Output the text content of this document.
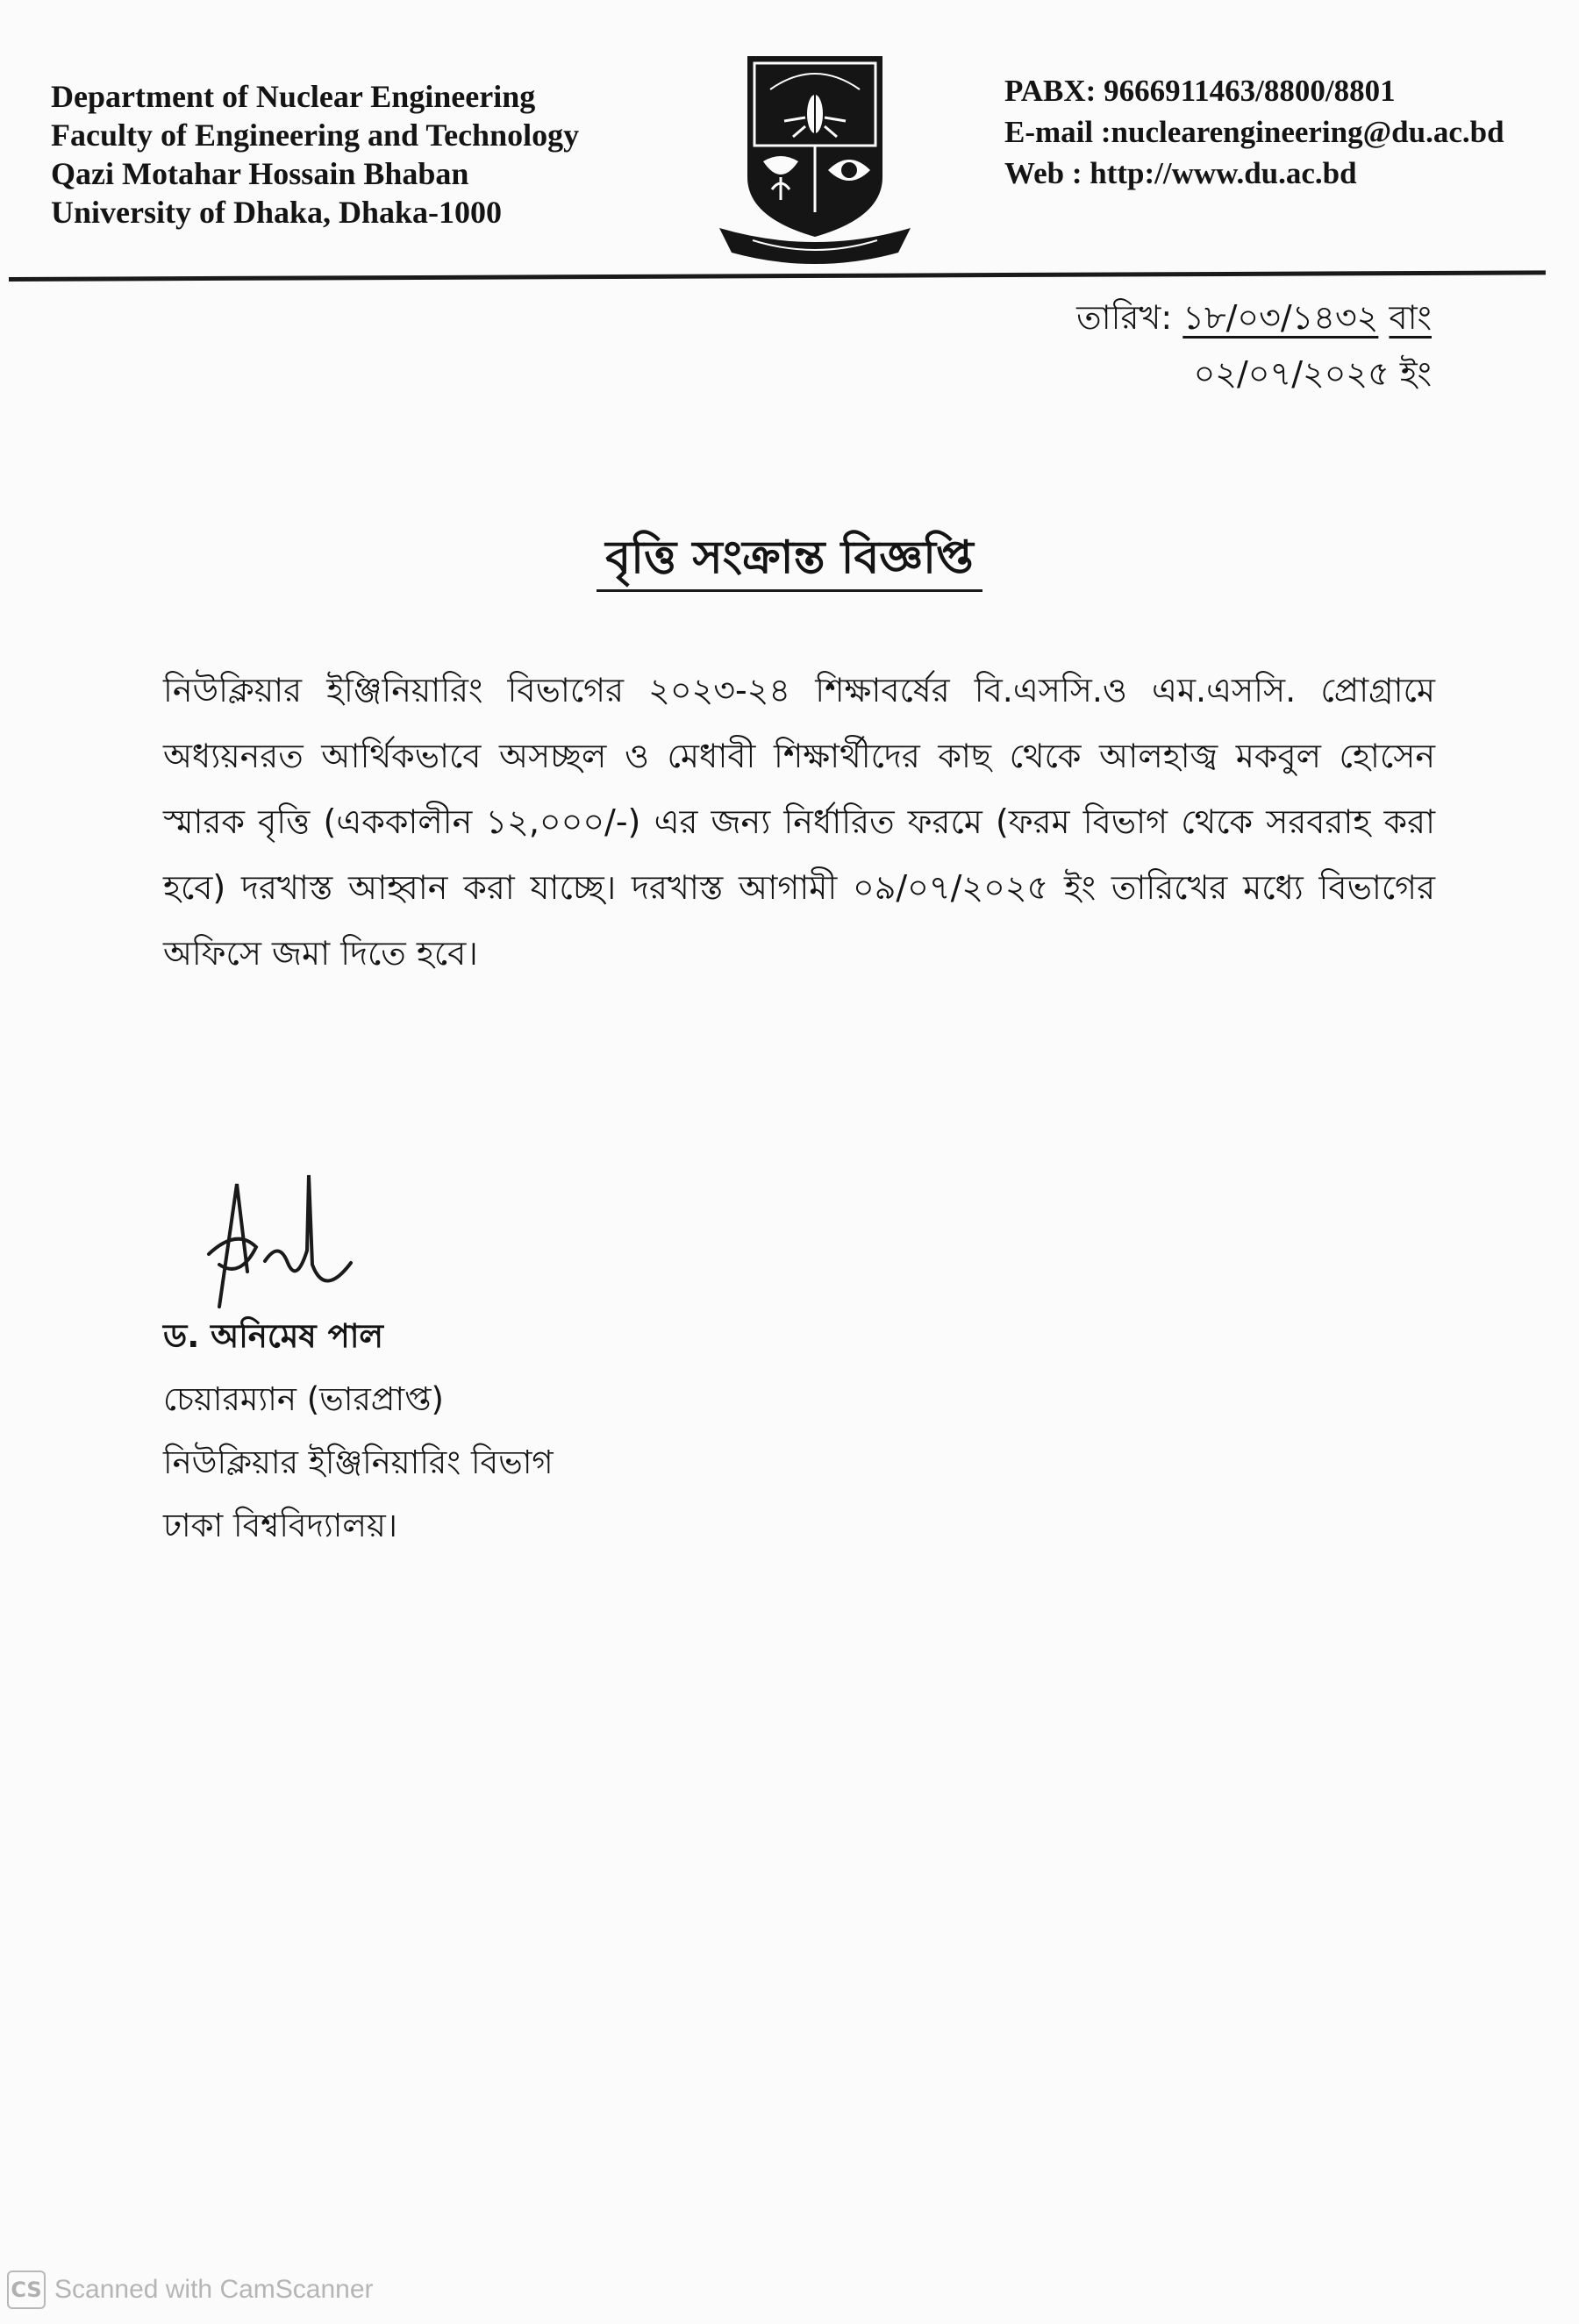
Department of Nuclear Engineering
Faculty of Engineering and Technology
Qazi Motahar Hossain Bhaban
University of Dhaka, Dhaka-1000
PABX: 9666911463/8800/8801
E-mail :nuclearengineering@du.ac.bd
Web : http://www.du.ac.bd
তারিখ: ১৮/০৩/১৪৩২ বাং
০২/০৭/২০২৫ ইং
বৃত্তি সংক্রান্ত বিজ্ঞপ্তি
নিউক্লিয়ার ইঞ্জিনিয়ারিং বিভাগের ২০২৩-২৪ শিক্ষাবর্ষের বি.এসসি.ও এম.এসসি. প্রোগ্রামে অধ্যয়নরত আর্থিকভাবে অসচ্ছল ও মেধাবী শিক্ষার্থীদের কাছ থেকে আলহাজ্ব মকবুল হোসেন স্মারক বৃত্তি (এককালীন ১২,০০০/-) এর জন্য নির্ধারিত ফরমে (ফরম বিভাগ থেকে সরবরাহ করা হবে) দরখাস্ত আহ্বান করা যাচ্ছে। দরখাস্ত আগামী ০৯/০৭/২০২৫ ইং তারিখের মধ্যে বিভাগের অফিসে জমা দিতে হবে।
ড. অনিমেষ পাল
চেয়ারম্যান (ভারপ্রাপ্ত)
নিউক্লিয়ার ইঞ্জিনিয়ারিং বিভাগ
ঢাকা বিশ্ববিদ্যালয়।
CS Scanned with CamScanner
